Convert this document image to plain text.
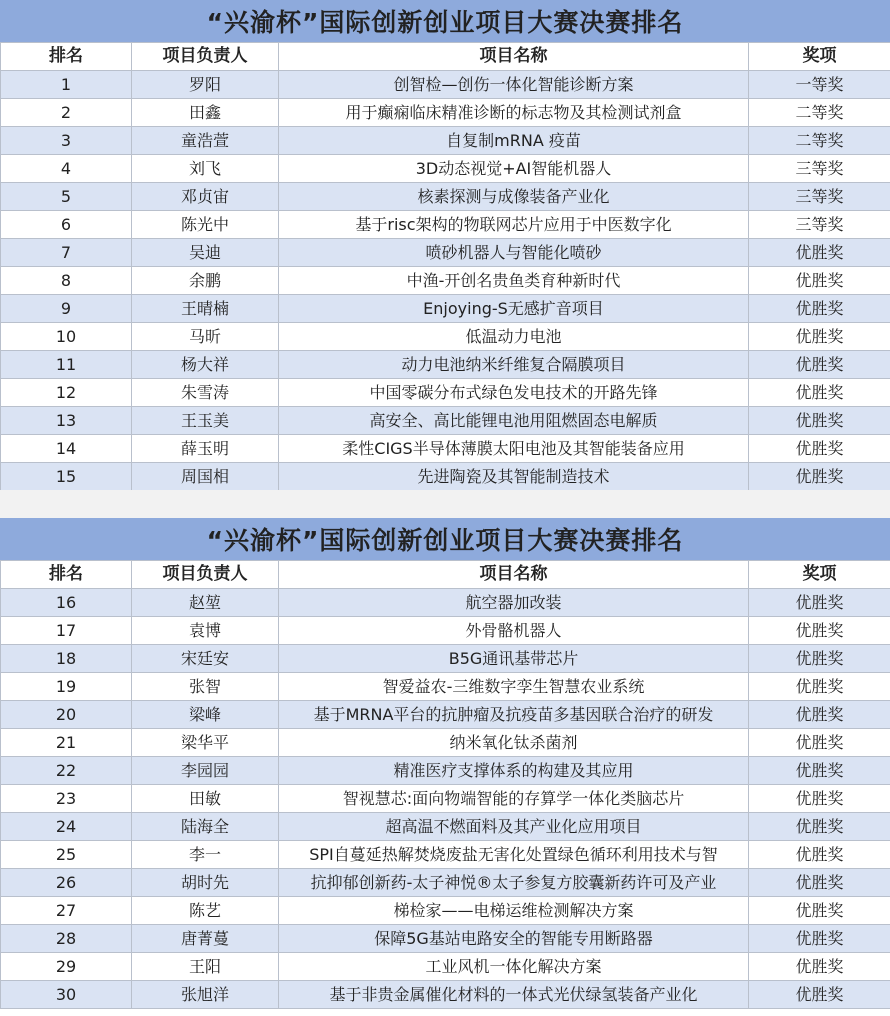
“兴渝杯”国际创新创业项目大赛决赛排名
排名	项目负责人	项目名称	奖项
1	罗阳	创智检—创伤一体化智能诊断方案	一等奖
2	田鑫	用于癫痫临床精准诊断的标志物及其检测试剂盒	二等奖
3	童浩萱	自复制mRNA 疫苗	二等奖
4	刘飞	3D动态视觉+AI智能机器人	三等奖
5	邓贞宙	核素探测与成像装备产业化	三等奖
6	陈光中	基于risc架构的物联网芯片应用于中医数字化	三等奖
7	吴迪	喷砂机器人与智能化喷砂	优胜奖
8	余鹏	中渔-开创名贵鱼类育种新时代	优胜奖
9	王晴楠	Enjoying-S无感扩音项目	优胜奖
10	马昕	低温动力电池	优胜奖
11	杨大祥	动力电池纳米纤维复合隔膜项目	优胜奖
12	朱雪涛	中国零碳分布式绿色发电技术的开路先锋	优胜奖
13	王玉美	高安全、高比能锂电池用阻燃固态电解质	优胜奖
14	薛玉明	柔性CIGS半导体薄膜太阳电池及其智能装备应用	优胜奖
15	周国相	先进陶瓷及其智能制造技术	优胜奖
“兴渝杯”国际创新创业项目大赛决赛排名
排名	项目负责人	项目名称	奖项
16	赵堃	航空器加改装	优胜奖
17	袁博	外骨骼机器人	优胜奖
18	宋廷安	B5G通讯基带芯片	优胜奖
19	张智	智爱益农-三维数字孪生智慧农业系统	优胜奖
20	梁峰	基于MRNA平台的抗肿瘤及抗疫苗多基因联合治疗的研发	优胜奖
21	梁华平	纳米氧化钛杀菌剂	优胜奖
22	李园园	精准医疗支撑体系的构建及其应用	优胜奖
23	田敏	智视慧芯:面向物端智能的存算学一体化类脑芯片	优胜奖
24	陆海全	超高温不燃面料及其产业化应用项目	优胜奖
25	李一	SPI自蔓延热解焚烧废盐无害化处置绿色循环利用技术与智	优胜奖
26	胡时先	抗抑郁创新药-太子神悦®太子参复方胶囊新药许可及产业	优胜奖
27	陈艺	梯检家——电梯运维检测解决方案	优胜奖
28	唐菁蔓	保障5G基站电路安全的智能专用断路器	优胜奖
29	王阳	工业风机一体化解决方案	优胜奖
30	张旭洋	基于非贵金属催化材料的一体式光伏绿氢装备产业化	优胜奖
